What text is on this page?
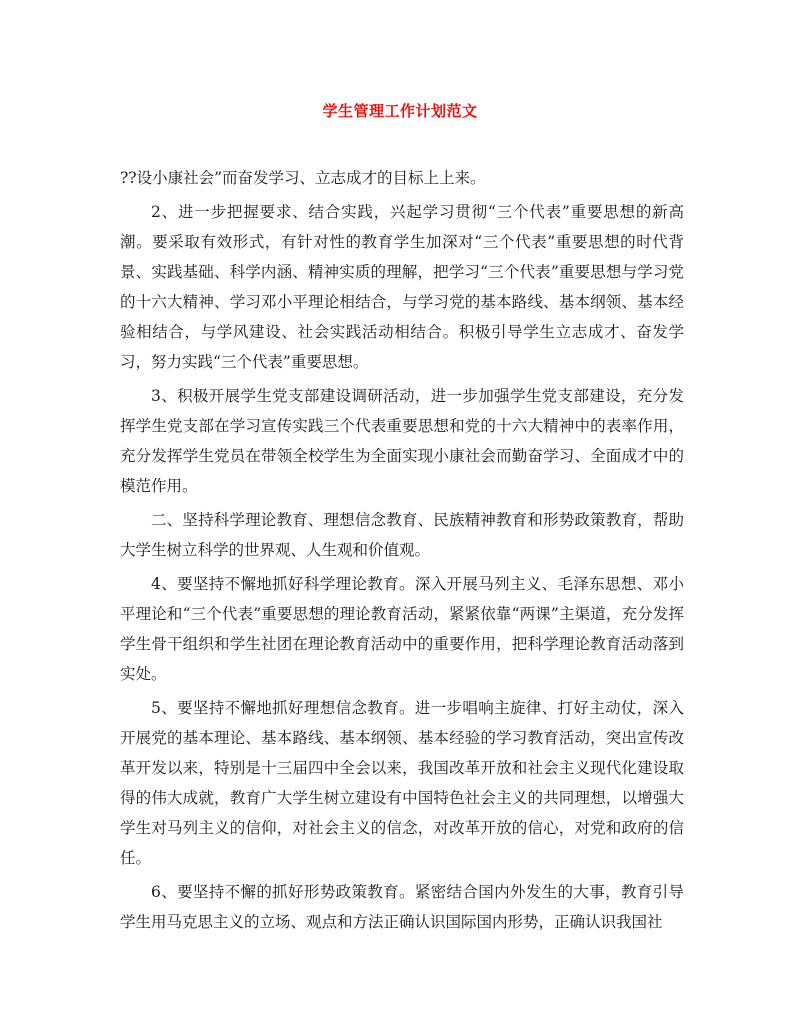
学生管理工作计划范文

??设小康社会”而奋发学习、立志成才的目标上上来。

2、进一步把握要求、结合实践，兴起学习贯彻“三个代表”重要思想的新高潮。要采取有效形式，有针对性的教育学生加深对“三个代表”重要思想的时代背景、实践基础、科学内涵、精神实质的理解，把学习“三个代表”重要思想与学习党的十六大精神、学习邓小平理论相结合，与学习党的基本路线、基本纲领、基本经验相结合，与学风建设、社会实践活动相结合。积极引导学生立志成才、奋发学习，努力实践“三个代表”重要思想。

3、积极开展学生党支部建设调研活动，进一步加强学生党支部建设，充分发挥学生党支部在学习宣传实践三个代表重要思想和党的十六大精神中的表率作用，充分发挥学生党员在带领全校学生为全面实现小康社会而勤奋学习、全面成才中的模范作用。

二、坚持科学理论教育、理想信念教育、民族精神教育和形势政策教育，帮助大学生树立科学的世界观、人生观和价值观。

4、要坚持不懈地抓好科学理论教育。深入开展马列主义、毛泽东思想、邓小平理论和“三个代表”重要思想的理论教育活动，紧紧依靠“两课”主渠道，充分发挥学生骨干组织和学生社团在理论教育活动中的重要作用，把科学理论教育活动落到实处。

5、要坚持不懈地抓好理想信念教育。进一步唱响主旋律、打好主动仗，深入开展党的基本理论、基本路线、基本纲领、基本经验的学习教育活动，突出宣传改革开发以来，特别是十三届四中全会以来，我国改革开放和社会主义现代化建设取得的伟大成就，教育广大学生树立建设有中国特色社会主义的共同理想，以增强大学生对马列主义的信仰，对社会主义的信念，对改革开放的信心，对党和政府的信任。

6、要坚持不懈的抓好形势政策教育。紧密结合国内外发生的大事，教育引导学生用马克思主义的立场、观点和方法正确认识国际国内形势，正确认识我国社
